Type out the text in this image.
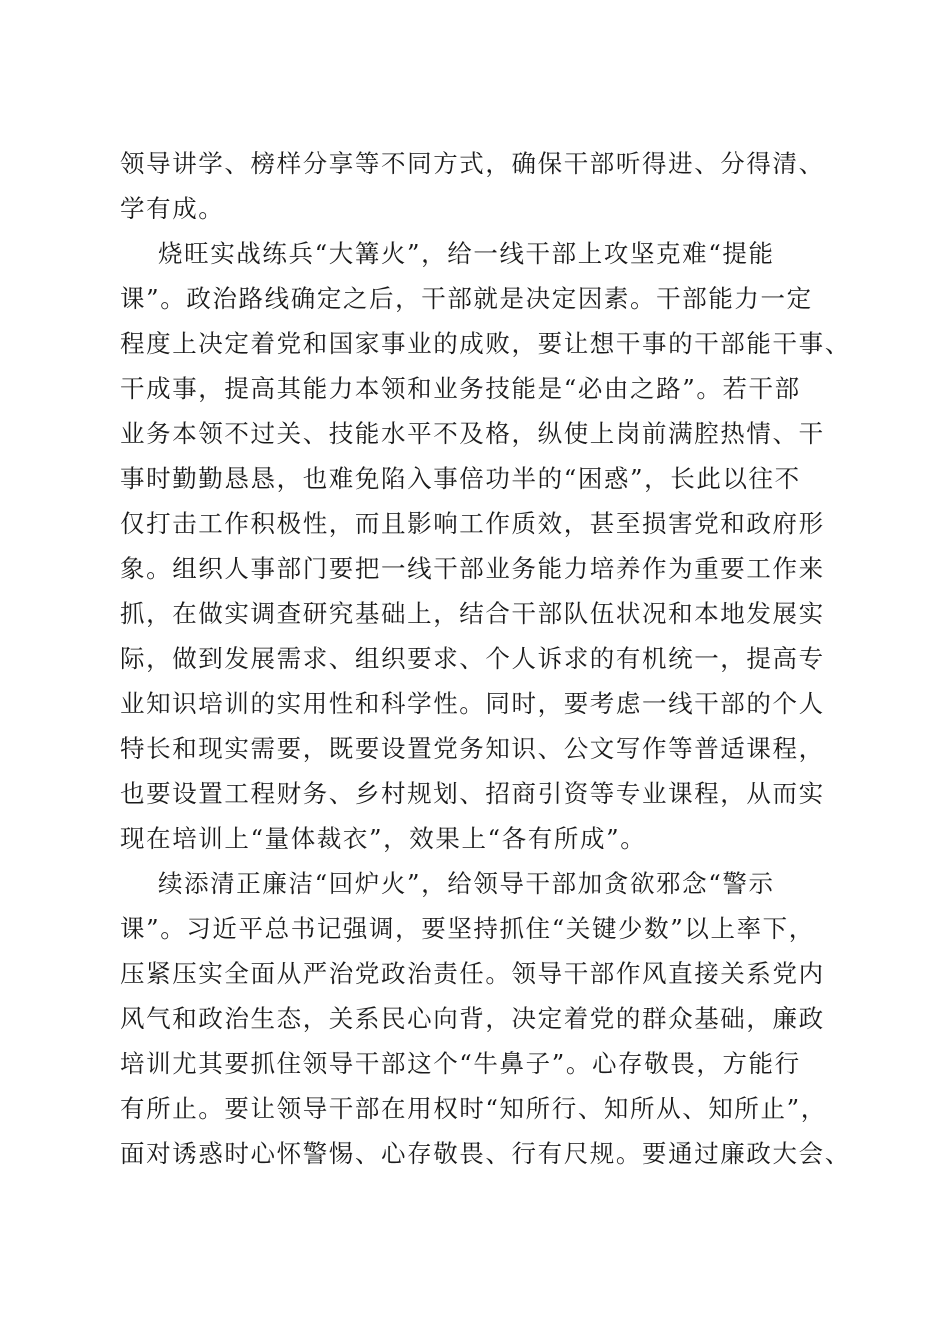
领导讲学、榜样分享等不同方式，确保干部听得进、分得清、
学有成。
烧旺实战练兵“大篝火”，给一线干部上攻坚克难“提能
课”。政治路线确定之后，干部就是决定因素。干部能力一定
程度上决定着党和国家事业的成败，要让想干事的干部能干事、
干成事，提高其能力本领和业务技能是“必由之路”。若干部
业务本领不过关、技能水平不及格，纵使上岗前满腔热情、干
事时勤勤恳恳，也难免陷入事倍功半的“困惑”，长此以往不
仅打击工作积极性，而且影响工作质效，甚至损害党和政府形
象。组织人事部门要把一线干部业务能力培养作为重要工作来
抓，在做实调查研究基础上，结合干部队伍状况和本地发展实
际，做到发展需求、组织要求、个人诉求的有机统一，提高专
业知识培训的实用性和科学性。同时，要考虑一线干部的个人
特长和现实需要，既要设置党务知识、公文写作等普适课程，
也要设置工程财务、乡村规划、招商引资等专业课程，从而实
现在培训上“量体裁衣”，效果上“各有所成”。
续添清正廉洁“回炉火”，给领导干部加贪欲邪念“警示
课”。习近平总书记强调，要坚持抓住“关键少数”以上率下，
压紧压实全面从严治党政治责任。领导干部作风直接关系党内
风气和政治生态，关系民心向背，决定着党的群众基础，廉政
培训尤其要抓住领导干部这个“牛鼻子”。心存敬畏，方能行
有所止。要让领导干部在用权时“知所行、知所从、知所止”，
面对诱惑时心怀警惕、心存敬畏、行有尺规。要通过廉政大会、
